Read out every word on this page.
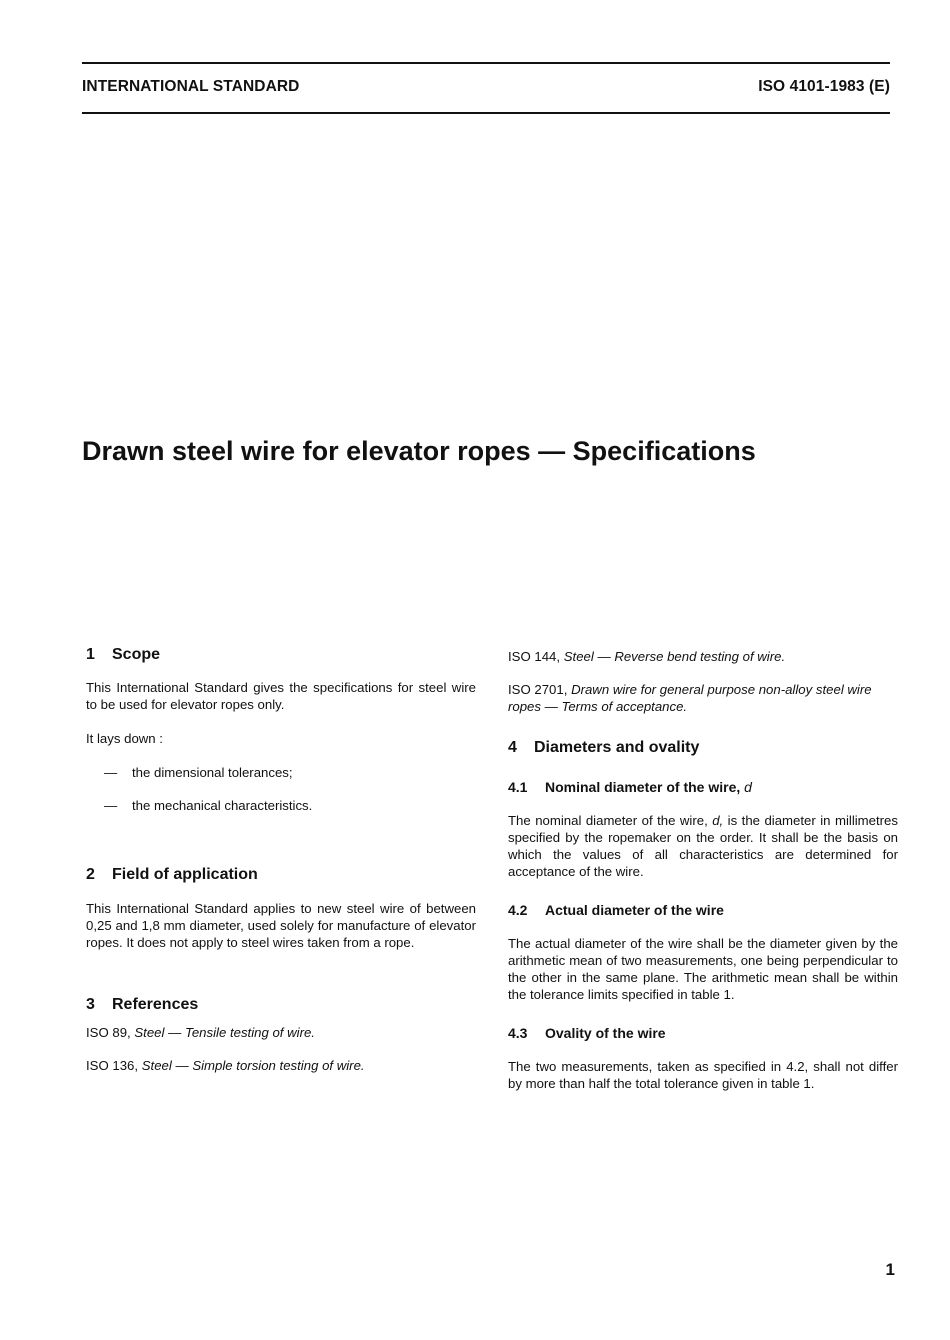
INTERNATIONAL STANDARD	ISO 4101-1983 (E)
Drawn steel wire for elevator ropes — Specifications
1 Scope

This International Standard gives the specifications for steel wire to be used for elevator ropes only.

It lays down :

— the dimensional tolerances;

— the mechanical characteristics.

2 Field of application

This International Standard applies to new steel wire of between 0,25 and 1,8 mm diameter, used solely for manufacture of elevator ropes. It does not apply to steel wires taken from a rope.

3 References

ISO 89, Steel — Tensile testing of wire.

ISO 136, Steel — Simple torsion testing of wire.

ISO 144, Steel — Reverse bend testing of wire.

ISO 2701, Drawn wire for general purpose non-alloy steel wire ropes — Terms of acceptance.

4 Diameters and ovality
4.1 Nominal diameter of the wire, d

The nominal diameter of the wire, d, is the diameter in millimetres specified by the ropemaker on the order. It shall be the basis on which the values of all characteristics are determined for acceptance of the wire.

4.2 Actual diameter of the wire

The actual diameter of the wire shall be the diameter given by the arithmetic mean of two measurements, one being perpendicular to the other in the same plane. The arithmetic mean shall be within the tolerance limits specified in table 1.

4.3 Ovality of the wire

The two measurements, taken as specified in 4.2, shall not differ by more than half the total tolerance given in table 1.

1
